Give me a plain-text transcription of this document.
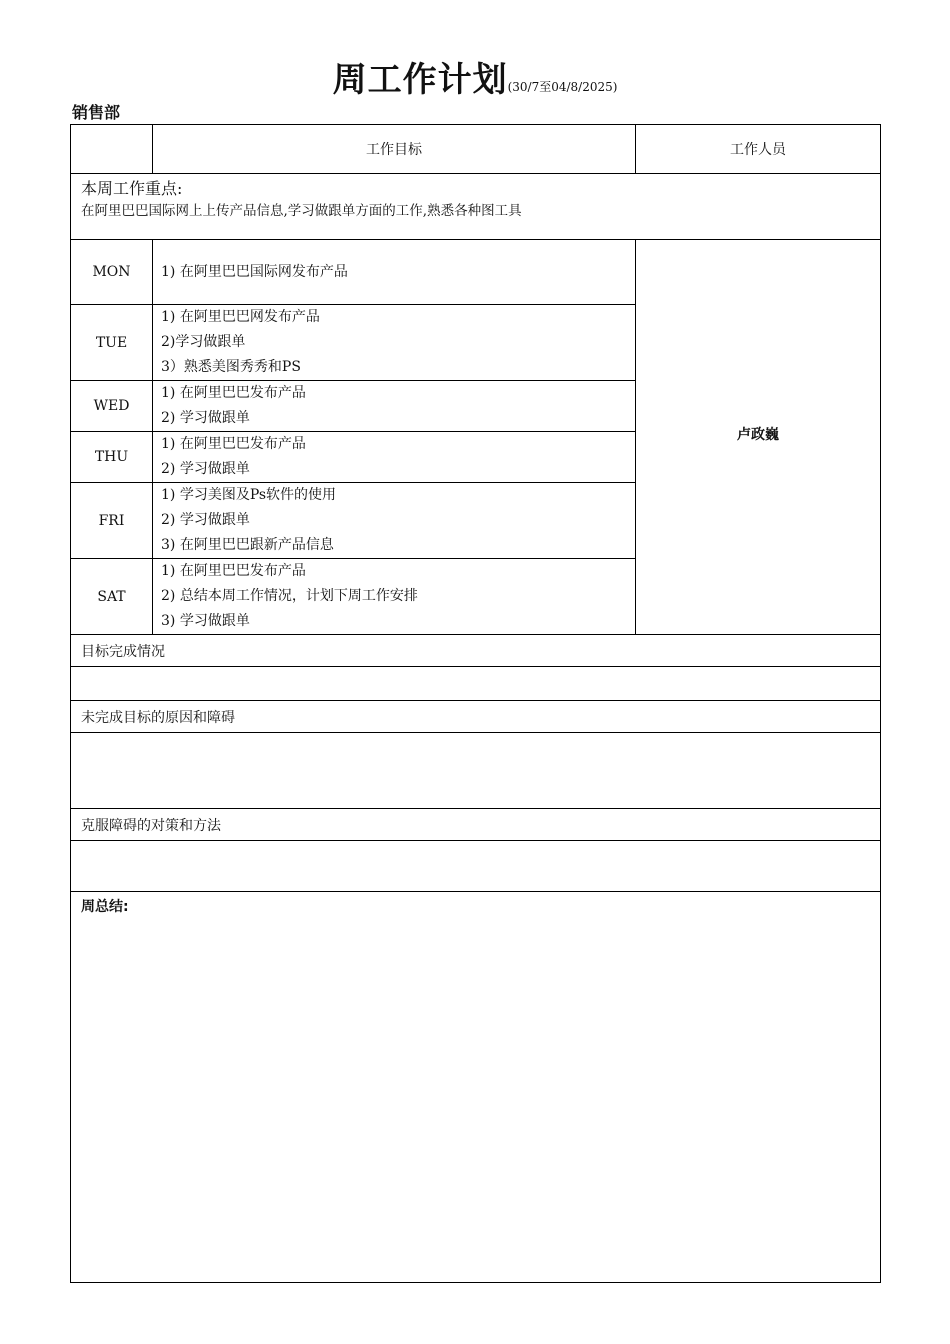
周工作计划(30/7至04/8/2025)
销售部
	工作目标	工作人员

本周工作重点:
在阿里巴巴国际网上上传产品信息,学习做跟单方面的工作,熟悉各种图工具		

MON	1) 在阿里巴巴国际网发布产品	卢政巍
TUE	1) 在阿里巴巴网发布产品
2)学习做跟单
3）熟悉美图秀秀和PS	

WED	1) 在阿里巴巴发布产品
2) 学习做跟单	

THU	1) 在阿里巴巴发布产品
2) 学习做跟单	

FRI	1) 学习美图及Ps软件的使用
2) 学习做跟单
3) 在阿里巴巴跟新产品信息	

SAT	1) 在阿里巴巴发布产品
2) 总结本周工作情况，计划下周工作安排
3) 学习做跟单	

目标完成情况		

未完成目标的原因和障碍		

克服障碍的对策和方法		

周总结:		
